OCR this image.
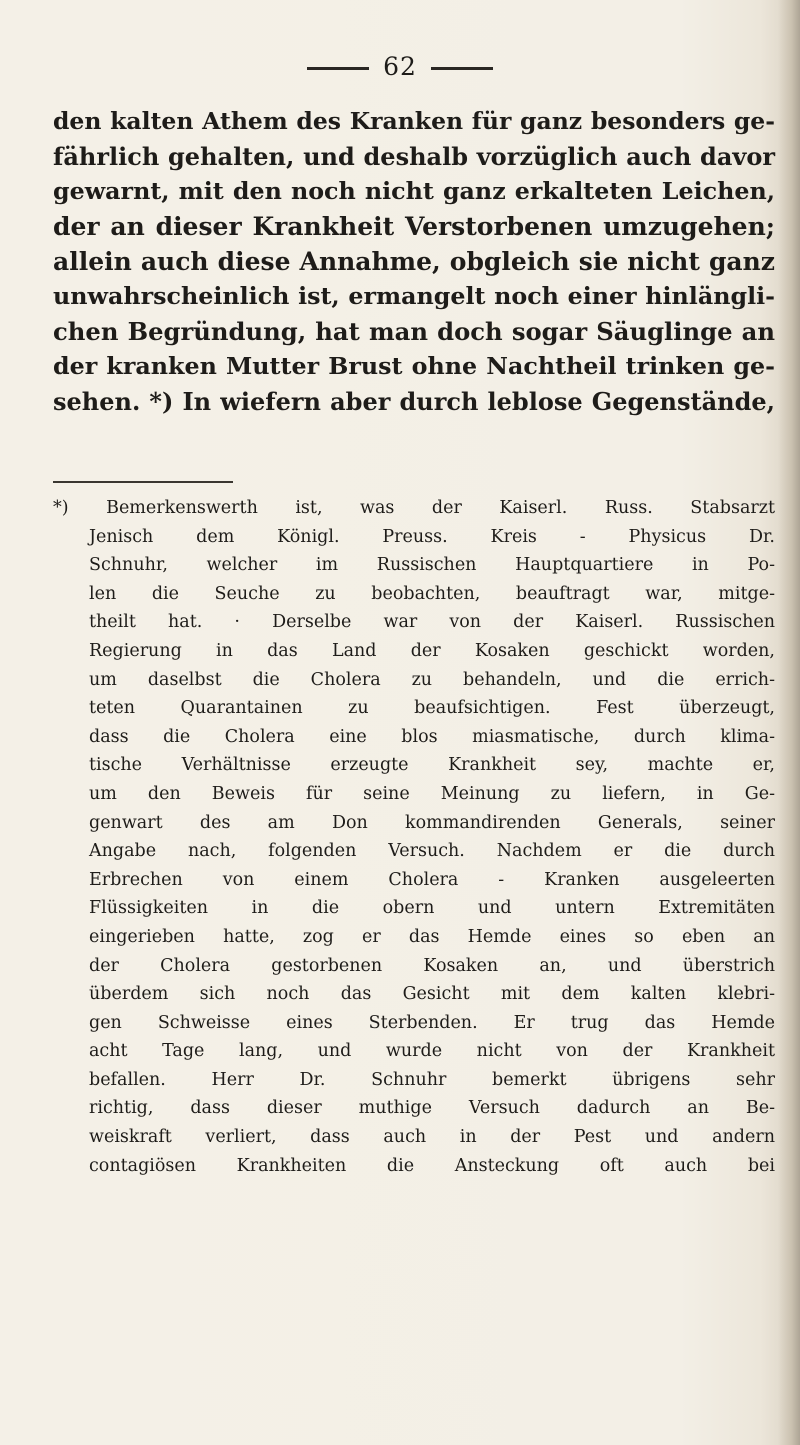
62
den kalten Athem des Kranken für ganz besonders ge-
fährlich gehalten, und deshalb vorzüglich auch davor
gewarnt, mit den noch nicht ganz erkalteten Leichen,
der an dieser Krankheit Verstorbenen umzugehen;
allein auch diese Annahme, obgleich sie nicht ganz
unwahrscheinlich ist, ermangelt noch einer hinlängli-
chen Begründung, hat man doch sogar Säuglinge an
der kranken Mutter Brust ohne Nachtheil trinken ge-
sehen. *) In wiefern aber durch leblose Gegenstände,
*) Bemerkenswerth ist, was der Kaiserl. Russ. Stabsarzt
Jenisch dem Königl. Preuss. Kreis - Physicus Dr.
Schnuhr, welcher im Russischen Hauptquartiere in Po-
len die Seuche zu beobachten, beauftragt war, mitge-
theilt hat. · Derselbe war von der Kaiserl. Russischen
Regierung in das Land der Kosaken geschickt worden,
um daselbst die Cholera zu behandeln, und die errich-
teten Quarantainen zu beaufsichtigen. Fest überzeugt,
dass die Cholera eine blos miasmatische, durch klima-
tische Verhältnisse erzeugte Krankheit sey, machte er,
um den Beweis für seine Meinung zu liefern, in Ge-
genwart des am Don kommandirenden Generals, seiner
Angabe nach, folgenden Versuch. Nachdem er die durch
Erbrechen von einem Cholera - Kranken ausgeleerten
Flüssigkeiten in die obern und untern Extremitäten
eingerieben hatte, zog er das Hemde eines so eben an
der Cholera gestorbenen Kosaken an, und überstrich
überdem sich noch das Gesicht mit dem kalten klebri-
gen Schweisse eines Sterbenden. Er trug das Hemde
acht Tage lang, und wurde nicht von der Krankheit
befallen. Herr Dr. Schnuhr bemerkt übrigens sehr
richtig, dass dieser muthige Versuch dadurch an Be-
weiskraft verliert, dass auch in der Pest und andern
contagiösen Krankheiten die Ansteckung oft auch bei
